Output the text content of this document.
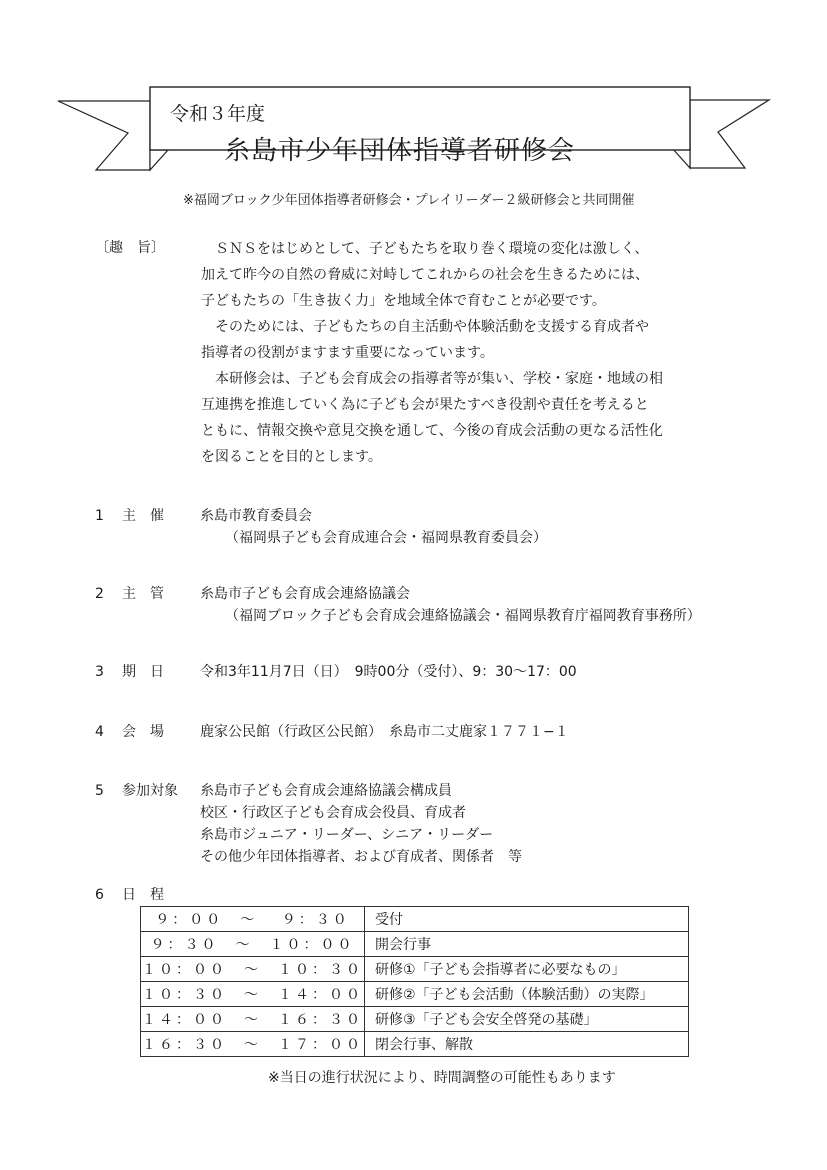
令和３年度
糸島市少年団体指導者研修会
※福岡ブロック少年団体指導者研修会・プレイリーダー２級研修会と共同開催
〔趣　旨〕	　ＳＮＳをはじめとして、子どもたちを取り巻く環境の変化は激しく、

加えて昨今の自然の脅威に対峙してこれからの社会を生きるためには、

子どもたちの「生き抜く力」を地域全体で育むことが必要です。

　そのためには、子どもたちの自主活動や体験活動を支援する育成者や

指導者の役割がますます重要になっています。

　本研修会は、子ども会育成会の指導者等が集い、学校・家庭・地域の相

互連携を推進していく為に子ども会が果たすべき役割や責任を考えると

ともに、情報交換や意見交換を通して、今後の育成会活動の更なる活性化

を図ることを目的とします。

1	主　催	糸島市教育委員会
（福岡県子ども会育成連合会・福岡県教育委員会）
2	主　管	糸島市子ども会育成会連絡協議会
（福岡ブロック子ども会育成会連絡協議会・福岡県教育庁福岡教育事務所）
3	期　日	令和3年11月7日（日）　9時00分（受付）、9：30〜17：00
4	会　場	鹿家公民館（行政区公民館）　糸島市二丈鹿家１７７１−１
5	参加対象 糸島市子ども会育成会連絡協議会構成員
校区・行政区子ども会育成会役員、育成者
糸島市ジュニア・リーダー、シニア・リーダー
その他少年団体指導者、および育成者、関係者　等
6	日　程
９：００　〜　 ９：３０	受付
９：３０　〜　１０：００	開会行事
１０：００　〜　１０：３０	研修①「子ども会指導者に必要なもの」
１０：３０　〜　１４：００	研修②「子ども会活動（体験活動）の実際」
１４：００　〜　１６：３０	研修③「子ども会安全啓発の基礎」
１６：３０　〜　１７：００	閉会行事、解散
※当日の進行状況により、時間調整の可能性もあります
